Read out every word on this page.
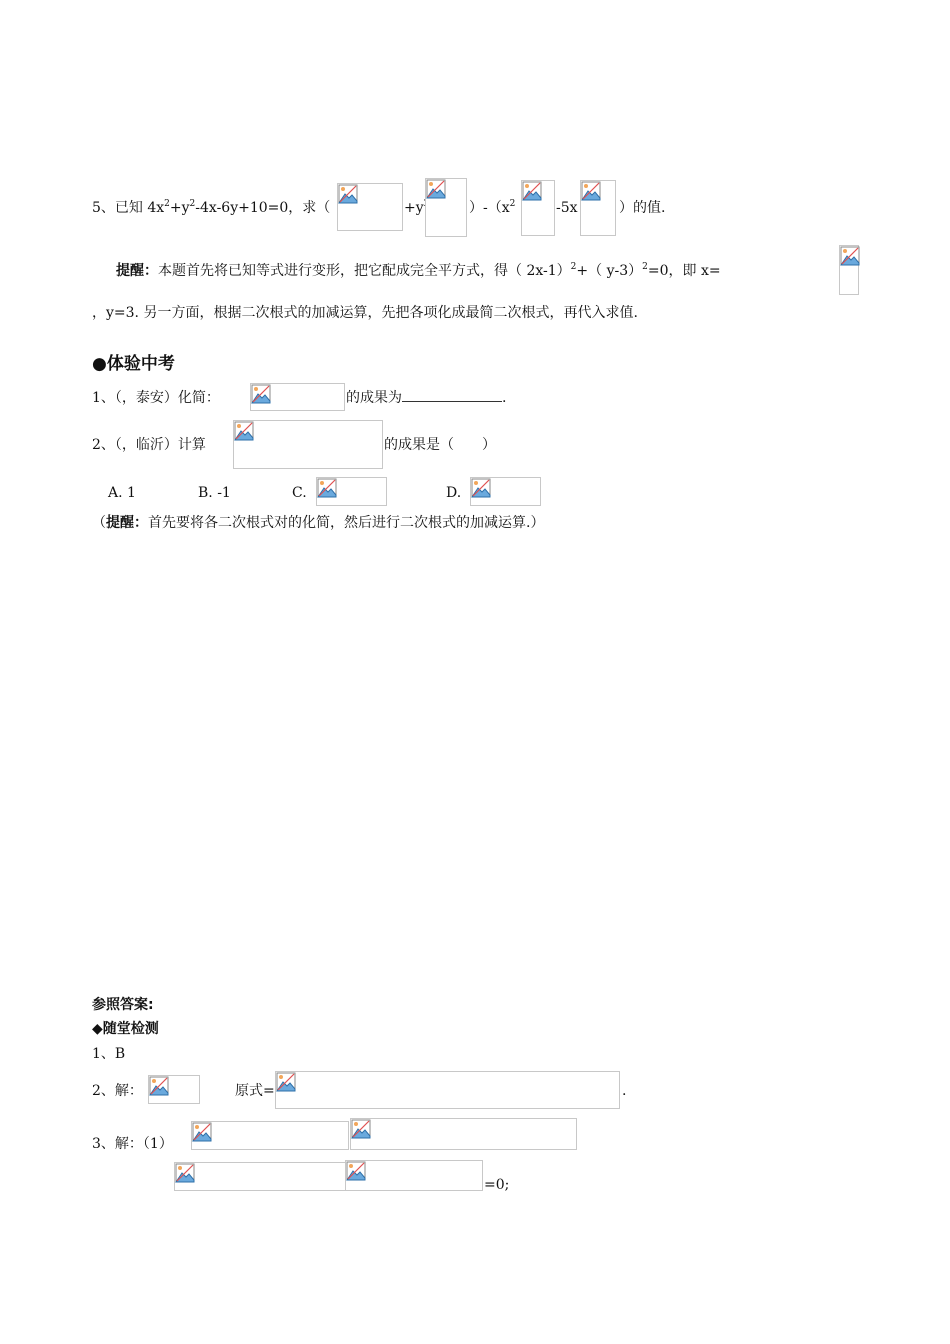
5、已知 $4x^2+y^2-4x-6y+10=0$，求（	+y	）$-(x^2$	-5x	）的值.
提醒：本题首先将已知等式进行变形，把它配成完全平方式，得（ 2x-1）$^2$+（ y-3）$^2$=0，即 x=
，y=3. 另一方面，根据二次根式的加减运算，先把各项化成最简二次根式，再代入求值.
●体验中考
1、（，泰安）化简：	的成果为	.
2、（，临沂）计算	的成果是（　　）
A. 1	B. -1	C.	D.
（提醒：首先要将各二次根式对的化简，然后进行二次根式的加减运算.）
参照答案:
◆随堂检测
1、B
2、解：	原式=	.
3、解：（1）
=0;
